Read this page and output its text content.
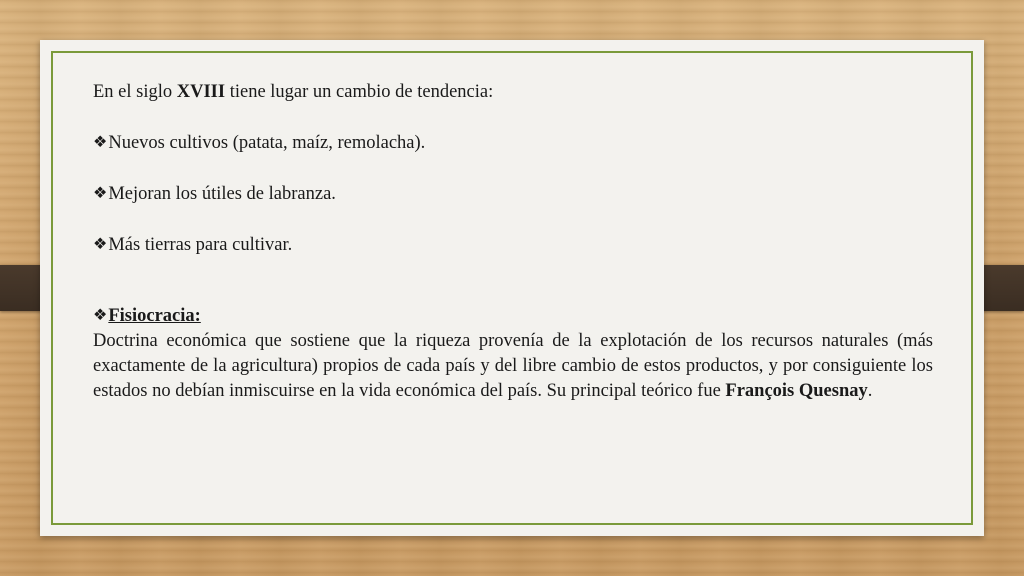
En el siglo XVIII tiene lugar un cambio de tendencia:

❖Nuevos cultivos (patata, maíz, remolacha).

❖Mejoran los útiles de labranza.

❖Más tierras para cultivar.

❖Fisiocracia:

Doctrina económica que sostiene que la riqueza provenía de la explotación de los recursos naturales (más exactamente de la agricultura) propios de cada país y del libre cambio de estos productos, y por consiguiente los estados no debían inmiscuirse en la vida económica del país. Su principal teórico fue François Quesnay.
